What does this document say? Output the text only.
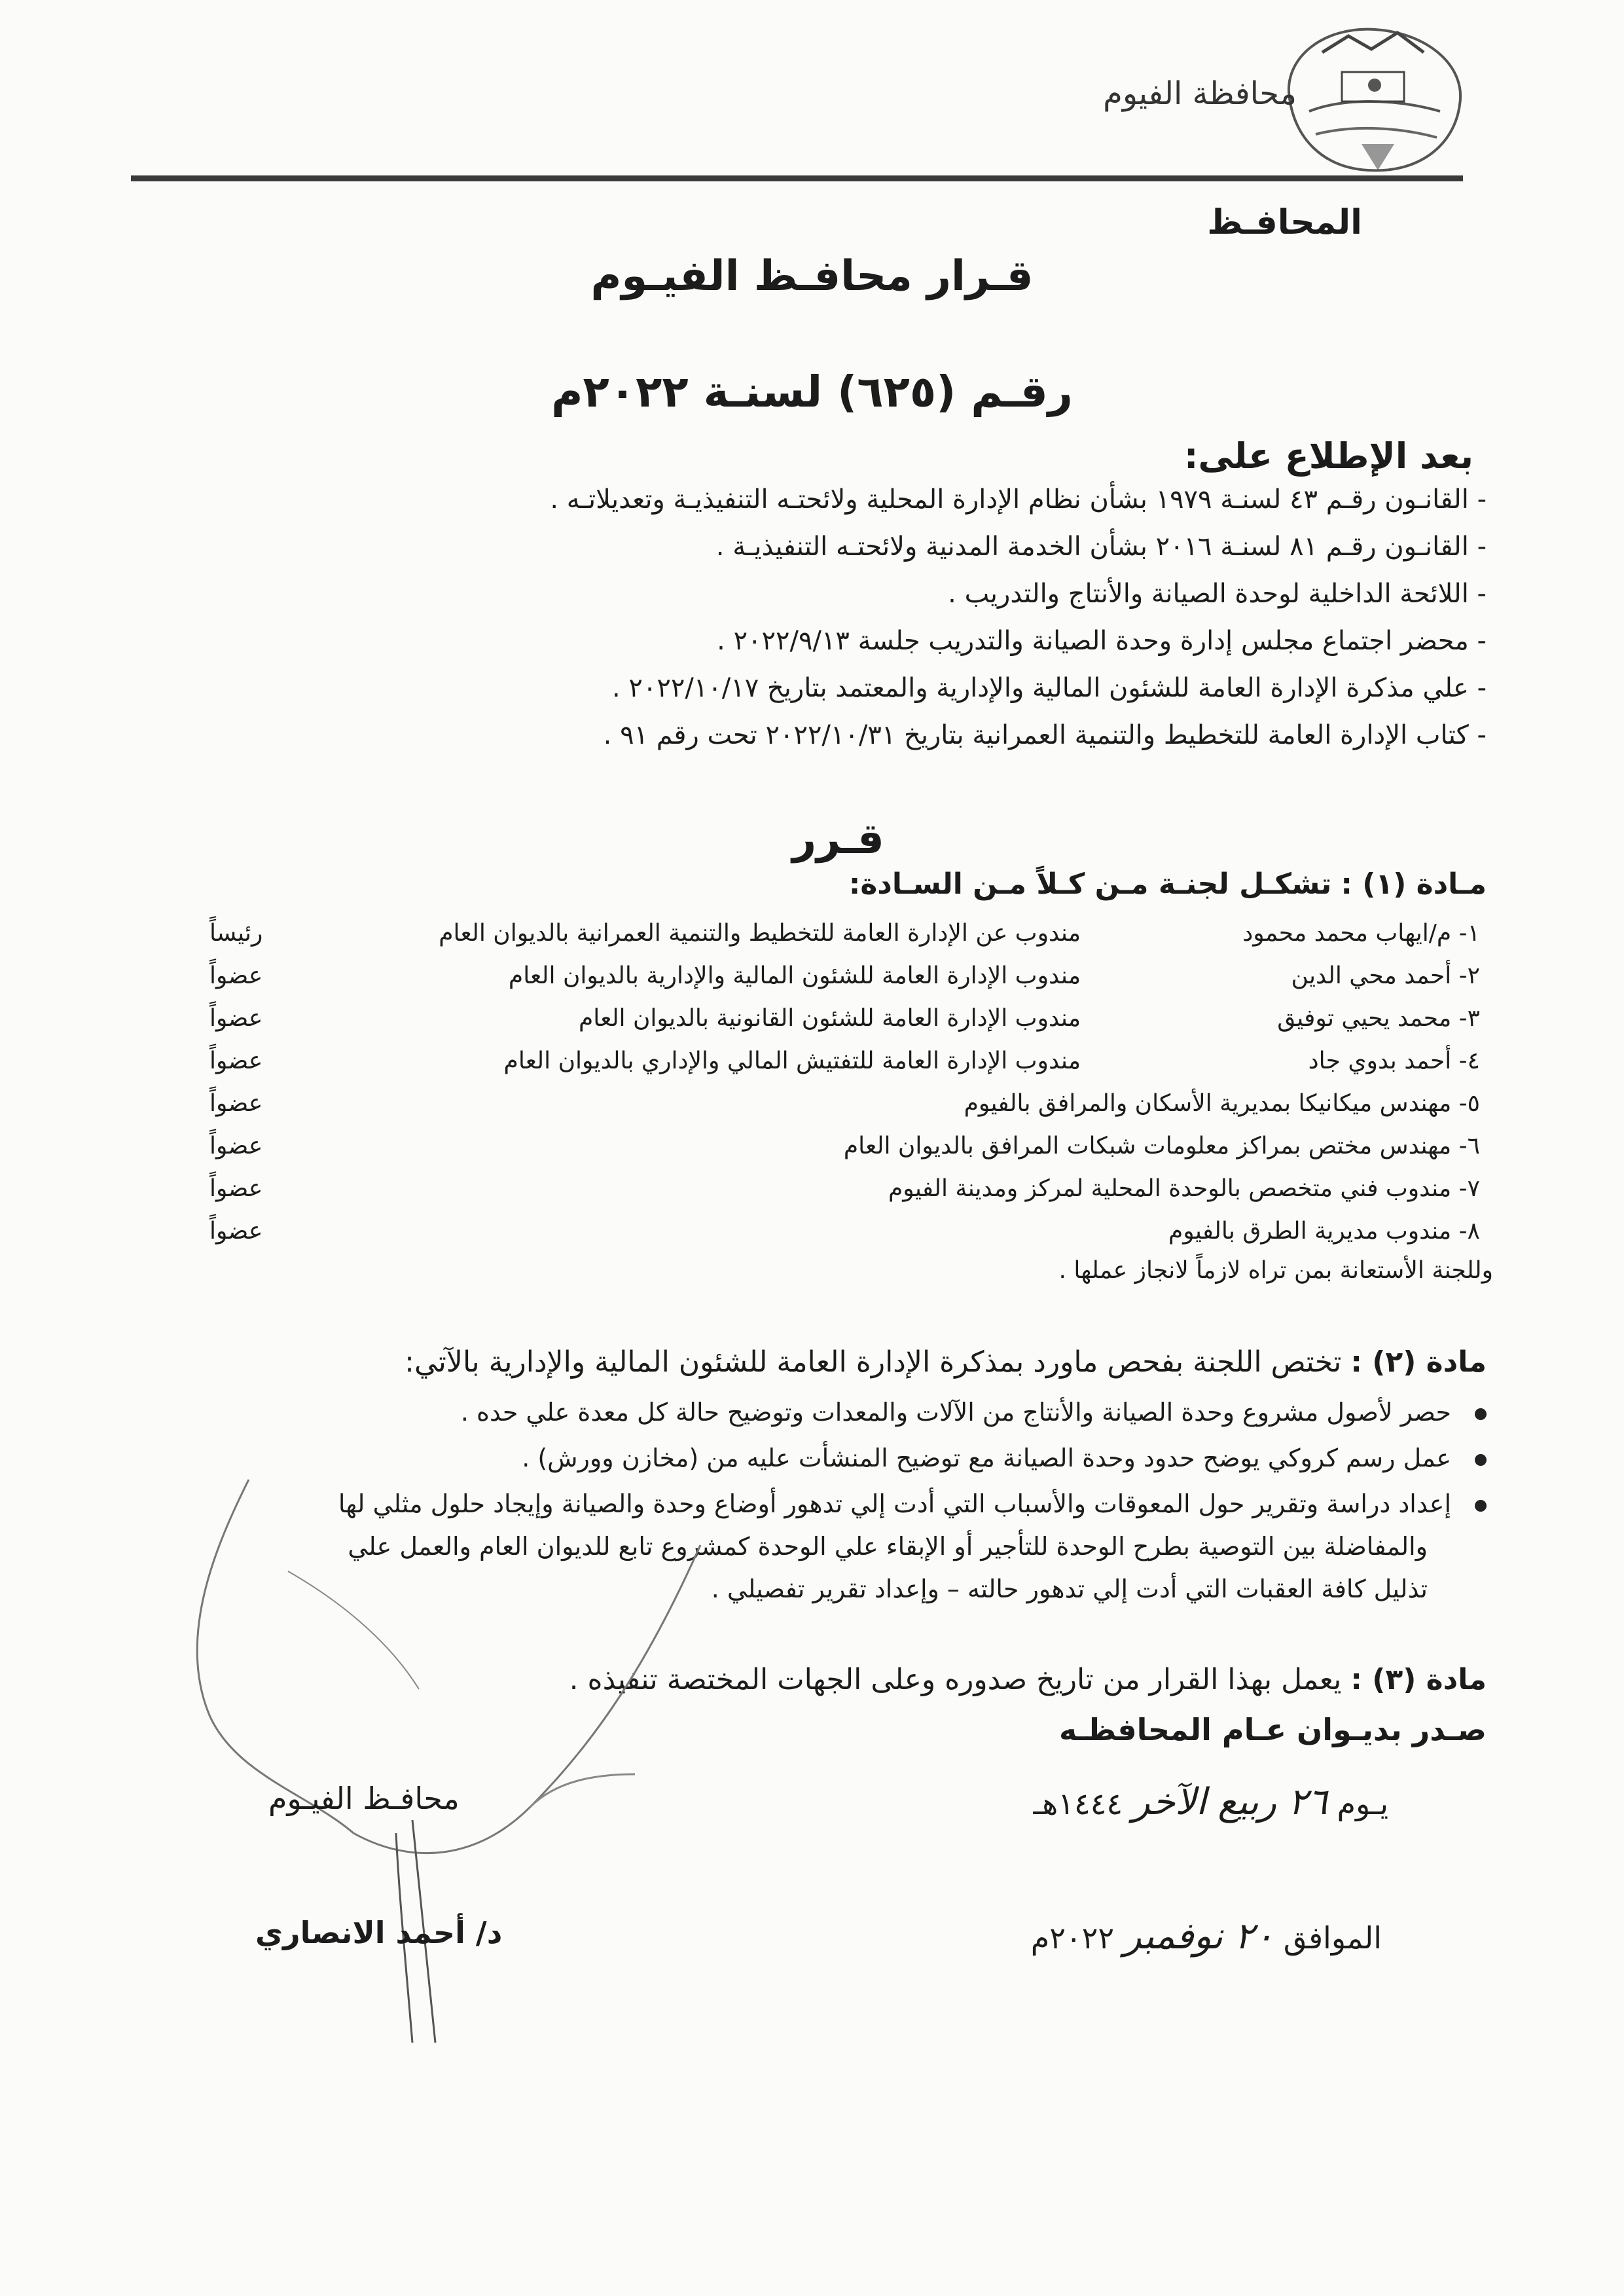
محافظة الفيوم
المحافـظ
قـرار محافـظ الفيـوم
رقـم (٦٢٥) لسنـة ٢٠٢٢م
بعد الإطلاع على:
- القانـون رقـم ٤٣ لسنـة ١٩٧٩ بشأن نظام الإدارة المحلية ولائحتـه التنفيذيـة وتعديلاتـه .
- القانـون رقـم ٨١ لسنـة ٢٠١٦ بشأن الخدمة المدنية ولائحتـه التنفيذيـة .
- اللائحة الداخلية لوحدة الصيانة والأنتاج والتدريب .
- محضر اجتماع مجلس إدارة وحدة الصيانة والتدريب جلسة ٢٠٢٢/٩/١٣ .
- علي مذكرة الإدارة العامة للشئون المالية والإدارية والمعتمد بتاريخ ٢٠٢٢/١٠/١٧ .
- كتاب الإدارة العامة للتخطيط والتنمية العمرانية بتاريخ ٢٠٢٢/١٠/٣١ تحت رقم ٩١ .
قـرر
مـادة (١) : تشكـل لجنـة مـن كـلاً مـن السـادة:
١- م/ايهاب محمد محمود
مندوب عن الإدارة العامة للتخطيط والتنمية العمرانية بالديوان العام
رئيساً
٢- أحمد محي الدين
مندوب الإدارة العامة للشئون المالية والإدارية بالديوان العام
عضواً
٣- محمد يحيي توفيق
مندوب الإدارة العامة للشئون القانونية بالديوان العام
عضواً
٤- أحمد بدوي جاد
مندوب الإدارة العامة للتفتيش المالي والإداري بالديوان العام
عضواً
٥- مهندس ميكانيكا بمديرية الأسكان والمرافق بالفيوم
عضواً
٦- مهندس مختص بمراكز معلومات شبكات المرافق بالديوان العام
عضواً
٧- مندوب فني متخصص بالوحدة المحلية لمركز ومدينة الفيوم
عضواً
٨- مندوب مديرية الطرق بالفيوم
عضواً
وللجنة الأستعانة بمن تراه لازماً لانجاز عملها .
مادة (٢) : تختص اللجنة بفحص ماورد بمذكرة الإدارة العامة للشئون المالية والإدارية بالآتي:
حصر لأصول مشروع وحدة الصيانة والأنتاج من الآلات والمعدات وتوضيح حالة كل معدة علي حده .
عمل رسم كروكي يوضح حدود وحدة الصيانة مع توضيح المنشأت عليه من (مخازن وورش) .
إعداد دراسة وتقرير حول المعوقات والأسباب التي أدت إلي تدهور أوضاع وحدة والصيانة وإيجاد حلول مثلي لها
والمفاضلة بين التوصية بطرح الوحدة للتأجير أو الإبقاء علي الوحدة كمشروع تابع للديوان العام والعمل علي
تذليل كافة العقبات التي أدت إلي تدهور حالته – وإعداد تقرير تفصيلي .
مادة (٣) : يعمل بهذا القرار من تاريخ صدوره وعلى الجهات المختصة تنفيذه .
صـدر بديـوان عـام المحافظـه
يـوم ٢٦ ربيع الآخر ١٤٤٤هـ
محافـظ الفيـوم
الموافق ٢٠ نوفمبر ٢٠٢٢م
د/ أحمد الانصاري
